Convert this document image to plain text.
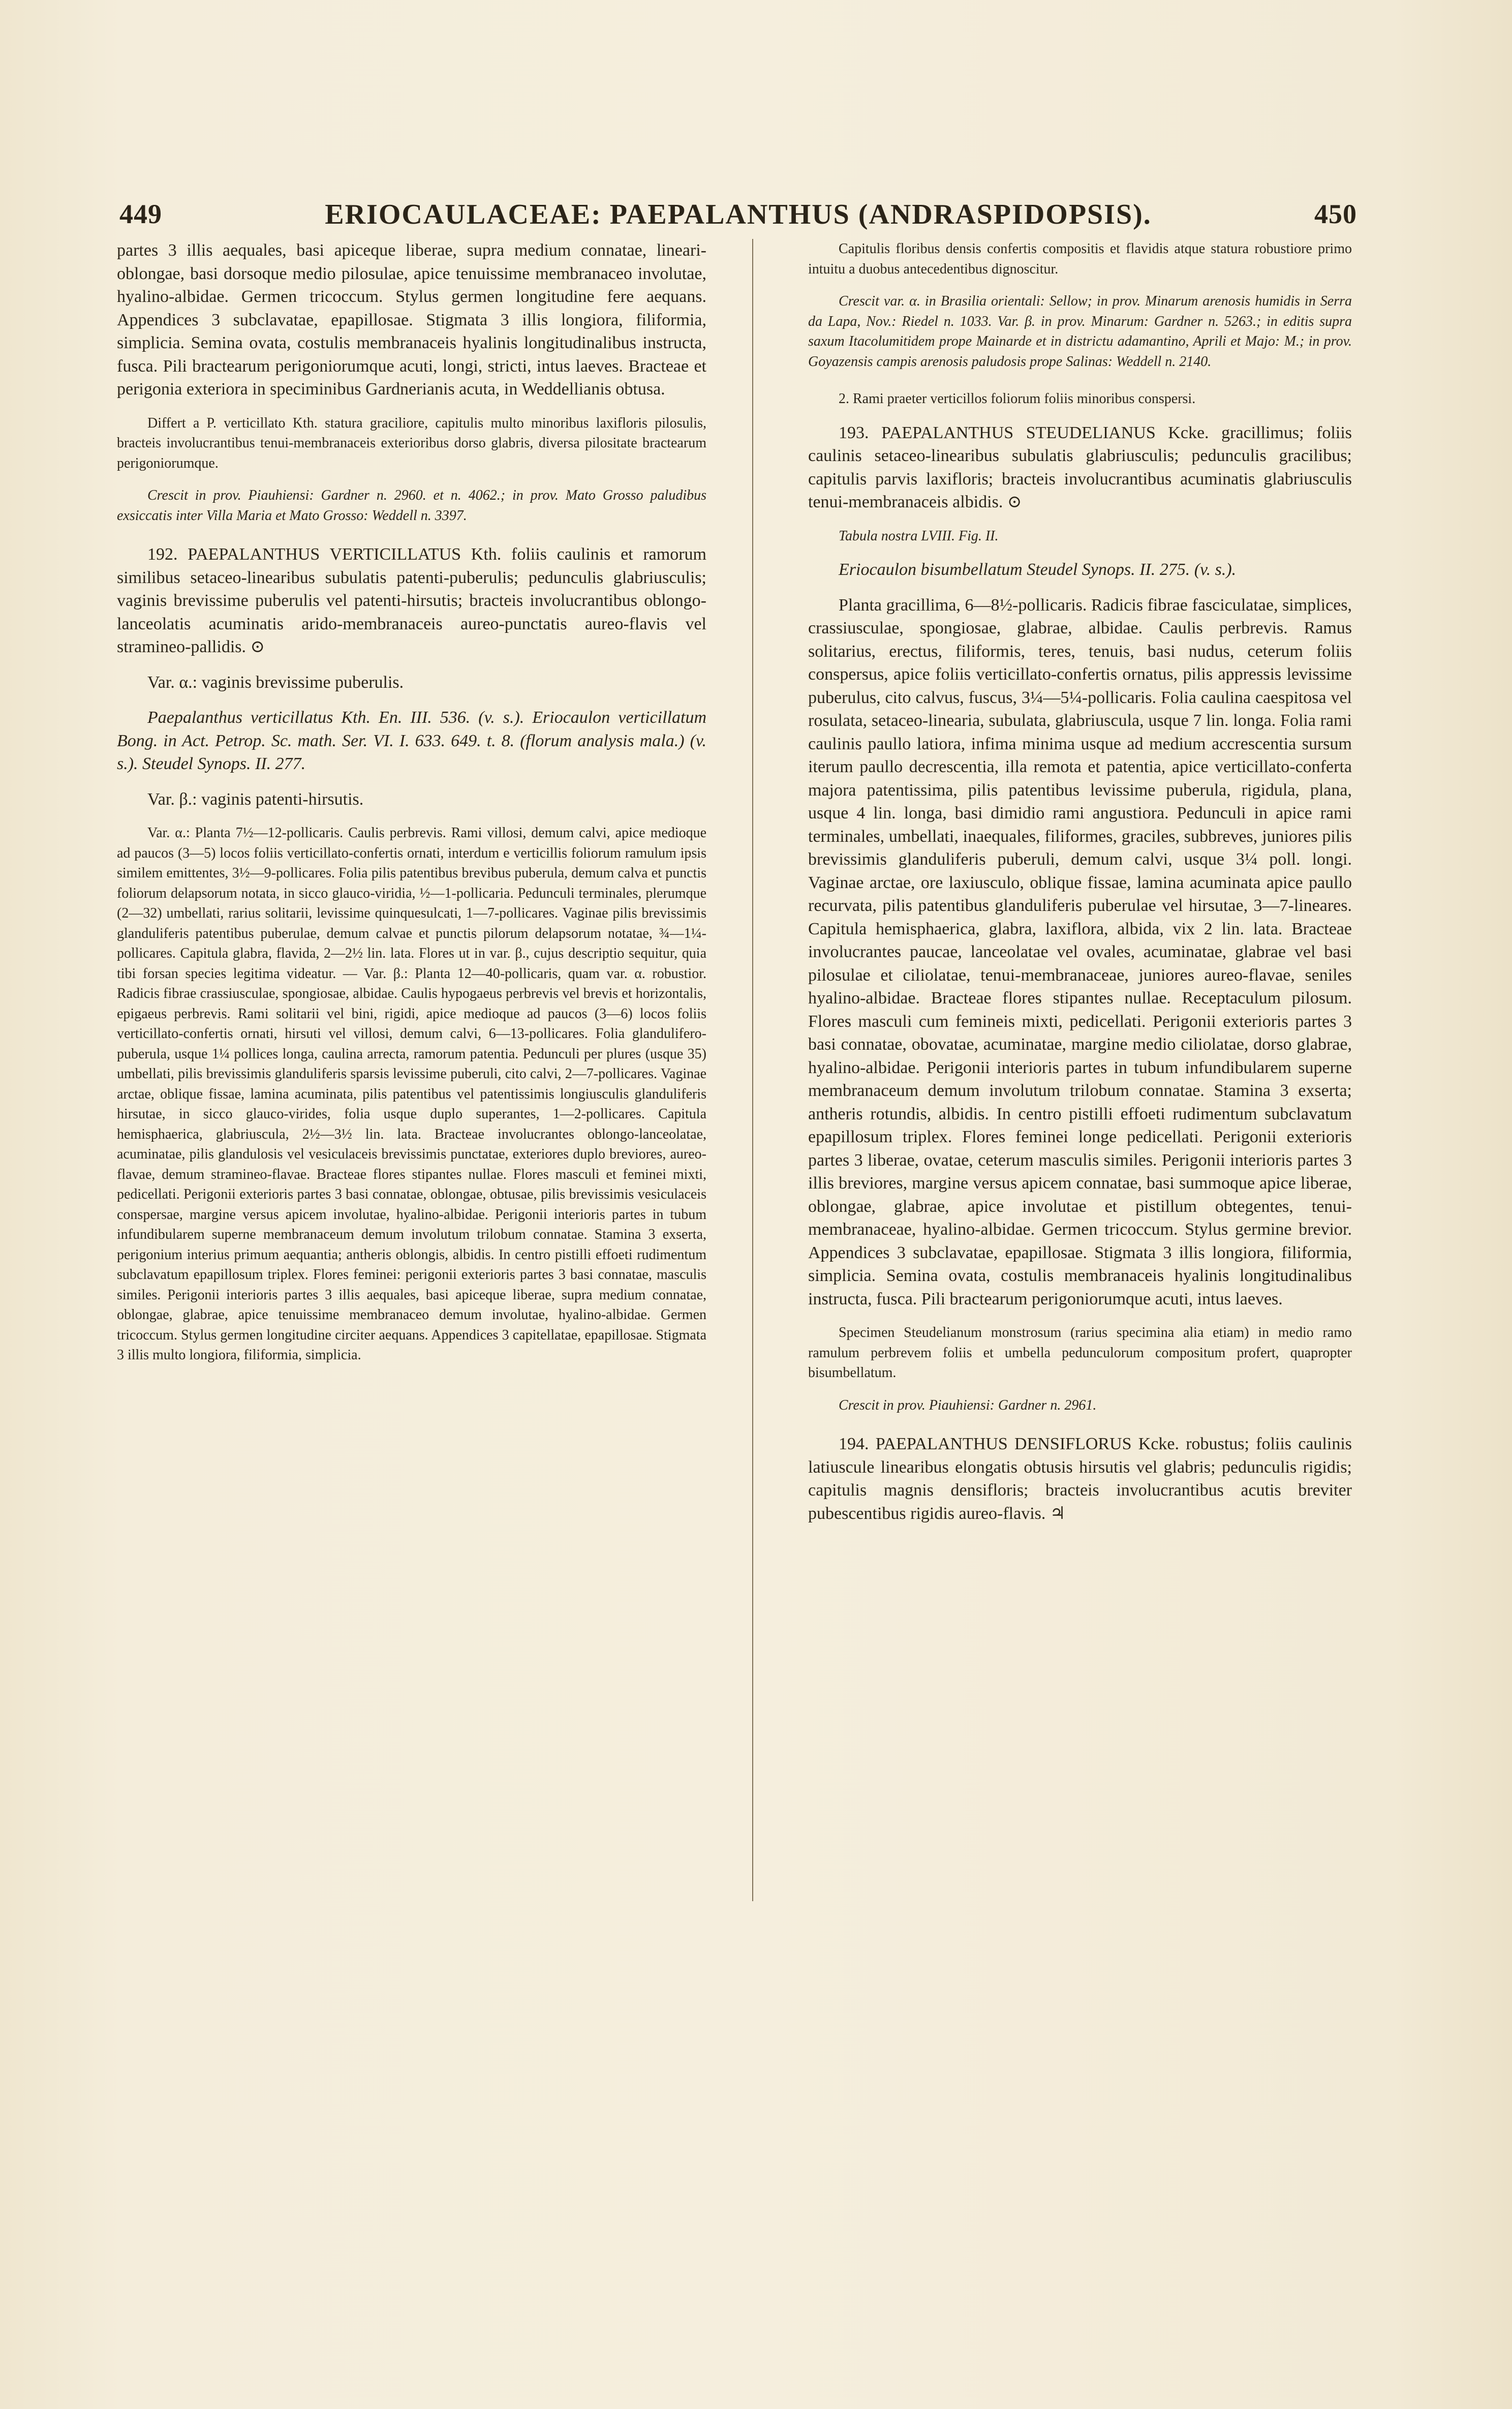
449	ERIOCAULACEAE: PAEPALANTHUS (ANDRASPIDOPSIS).	450

partes 3 illis aequales, basi apiceque liberae, supra medium connatae, lineari-oblongae, basi dorsoque medio pilosulae, apice tenuissime membranaceo involutae, hyalino-albidae. Germen tricoccum. Stylus germen longitudine fere aequans. Appendices 3 subclavatae, epapillosae. Stigmata 3 illis longiora, filiformia, simplicia. Semina ovata, costulis membranaceis hyalinis longitudinalibus instructa, fusca. Pili bractearum perigoniorumque acuti, longi, stricti, intus laeves. Bracteae et perigonia exteriora in speciminibus Gardnerianis acuta, in Weddellianis obtusa.

Differt a P. verticillato Kth. statura graciliore, capitulis multo minoribus laxifloris pilosulis, bracteis involucrantibus tenui-membranaceis exterioribus dorso glabris, diversa pilositate bractearum perigoniorumque.

Crescit in prov. Piauhiensi: Gardner n. 2960. et n. 4062.; in prov. Mato Grosso paludibus exsiccatis inter Villa Maria et Mato Grosso: Weddell n. 3397.

192. PAEPALANTHUS VERTICILLATUS Kth. foliis caulinis et ramorum similibus setaceo-linearibus subulatis patenti-puberulis; pedunculis glabriusculis; vaginis brevissime puberulis vel patenti-hirsutis; bracteis involucrantibus oblongo-lanceolatis acuminatis arido-membranaceis aureo-punctatis aureo-flavis vel stramineo-pallidis. ⊙

Var. α.: vaginis brevissime puberulis.

Paepalanthus verticillatus Kth. En. III. 536. (v. s.). Eriocaulon verticillatum Bong. in Act. Petrop. Sc. math. Ser. VI. I. 633. 649. t. 8. (florum analysis mala.) (v. s.). Steudel Synops. II. 277.

Var. β.: vaginis patenti-hirsutis.

Var. α.: Planta 7½—12-pollicaris. Caulis perbrevis. Rami villosi, demum calvi, apice medioque ad paucos (3—5) locos foliis verticillato-confertis ornati, interdum e verticillis foliorum ramulum ipsis similem emittentes, 3½—9-pollicares. Folia pilis patentibus brevibus puberula, demum calva et punctis foliorum delapsorum notata, in sicco glauco-viridia, ½—1-pollicaria. Pedunculi terminales, plerumque (2—32) umbellati, rarius solitarii, levissime quinquesulcati, 1—7-pollicares. Vaginae pilis brevissimis glanduliferis patentibus puberulae, demum calvae et punctis pilorum delapsorum notatae, ¾—1¼-pollicares. Capitula glabra, flavida, 2—2½ lin. lata. Flores ut in var. β., cujus descriptio sequitur, quia tibi forsan species legitima videatur. — Var. β.: Planta 12—40-pollicaris, quam var. α. robustior. Radicis fibrae crassiusculae, spongiosae, albidae. Caulis hypogaeus perbrevis vel brevis et horizontalis, epigaeus perbrevis. Rami solitarii vel bini, rigidi, apice medioque ad paucos (3—6) locos foliis verticillato-confertis ornati, hirsuti vel villosi, demum calvi, 6—13-pollicares. Folia glandulifero-puberula, usque 1¼ pollices longa, caulina arrecta, ramorum patentia. Pedunculi per plures (usque 35) umbellati, pilis brevissimis glanduliferis sparsis levissime puberuli, cito calvi, 2—7-pollicares. Vaginae arctae, oblique fissae, lamina acuminata, pilis patentibus vel patentissimis longiusculis glanduliferis hirsutae, in sicco glauco-virides, folia usque duplo superantes, 1—2-pollicares. Capitula hemisphaerica, glabriuscula, 2½—3½ lin. lata. Bracteae involucrantes oblongo-lanceolatae, acuminatae, pilis glandulosis vel vesiculaceis brevissimis punctatae, exteriores duplo breviores, aureo-flavae, demum stramineo-flavae. Bracteae flores stipantes nullae. Flores masculi et feminei mixti, pedicellati. Perigonii exterioris partes 3 basi connatae, oblongae, obtusae, pilis brevissimis vesiculaceis conspersae, margine versus apicem involutae, hyalino-albidae. Perigonii interioris partes in tubum infundibularem superne membranaceum demum involutum trilobum connatae. Stamina 3 exserta, perigonium interius primum aequantia; antheris oblongis, albidis. In centro pistilli effoeti rudimentum subclavatum epapillosum triplex. Flores feminei: perigonii exterioris partes 3 basi connatae, masculis similes. Perigonii interioris partes 3 illis aequales, basi apiceque liberae, supra medium connatae, oblongae, glabrae, apice tenuissime membranaceo demum involutae, hyalino-albidae. Germen tricoccum. Stylus germen longitudine circiter aequans. Appendices 3 capitellatae, epapillosae. Stigmata 3 illis multo longiora, filiformia, simplicia.

Capitulis floribus densis confertis compositis et flavidis atque statura robustiore primo intuitu a duobus antecedentibus dignoscitur.

Crescit var. α. in Brasilia orientali: Sellow; in prov. Minarum arenosis humidis in Serra da Lapa, Nov.: Riedel n. 1033. Var. β. in prov. Minarum: Gardner n. 5263.; in editis supra saxum Itacolumitidem prope Mainarde et in districtu adamantino, Aprili et Majo: M.; in prov. Goyazensis campis arenosis paludosis prope Salinas: Weddell n. 2140.

2. Rami praeter verticillos foliorum foliis minoribus conspersi.

193. PAEPALANTHUS STEUDELIANUS Kcke. gracillimus; foliis caulinis setaceo-linearibus subulatis glabriusculis; pedunculis gracilibus; capitulis parvis laxifloris; bracteis involucrantibus acuminatis glabriusculis tenui-membranaceis albidis. ⊙

Tabula nostra LVIII. Fig. II.

Eriocaulon bisumbellatum Steudel Synops. II. 275. (v. s.).

Planta gracillima, 6—8½-pollicaris. Radicis fibrae fasciculatae, simplices, crassiusculae, spongiosae, glabrae, albidae. Caulis perbrevis. Ramus solitarius, erectus, filiformis, teres, tenuis, basi nudus, ceterum foliis conspersus, apice foliis verticillato-confertis ornatus, pilis appressis levissime puberulus, cito calvus, fuscus, 3¼—5¼-pollicaris. Folia caulina caespitosa vel rosulata, setaceo-linearia, subulata, glabriuscula, usque 7 lin. longa. Folia rami caulinis paullo latiora, infima minima usque ad medium accrescentia sursum iterum paullo decrescentia, illa remota et patentia, apice verticillato-conferta majora patentissima, pilis patentibus levissime puberula, rigidula, plana, usque 4 lin. longa, basi dimidio rami angustiora. Pedunculi in apice rami terminales, umbellati, inaequales, filiformes, graciles, subbreves, juniores pilis brevissimis glanduliferis puberuli, demum calvi, usque 3¼ poll. longi. Vaginae arctae, ore laxiusculo, oblique fissae, lamina acuminata apice paullo recurvata, pilis patentibus glanduliferis puberulae vel hirsutae, 3—7-lineares. Capitula hemisphaerica, glabra, laxiflora, albida, vix 2 lin. lata. Bracteae involucrantes paucae, lanceolatae vel ovales, acuminatae, glabrae vel basi pilosulae et ciliolatae, tenui-membranaceae, juniores aureo-flavae, seniles hyalino-albidae. Bracteae flores stipantes nullae. Receptaculum pilosum. Flores masculi cum femineis mixti, pedicellati. Perigonii exterioris partes 3 basi connatae, obovatae, acuminatae, margine medio ciliolatae, dorso glabrae, hyalino-albidae. Perigonii interioris partes in tubum infundibularem superne membranaceum demum involutum trilobum connatae. Stamina 3 exserta; antheris rotundis, albidis. In centro pistilli effoeti rudimentum subclavatum epapillosum triplex. Flores feminei longe pedicellati. Perigonii exterioris partes 3 liberae, ovatae, ceterum masculis similes. Perigonii interioris partes 3 illis breviores, margine versus apicem connatae, basi summoque apice liberae, oblongae, glabrae, apice involutae et pistillum obtegentes, tenui-membranaceae, hyalino-albidae. Germen tricoccum. Stylus germine brevior. Appendices 3 subclavatae, epapillosae. Stigmata 3 illis longiora, filiformia, simplicia. Semina ovata, costulis membranaceis hyalinis longitudinalibus instructa, fusca. Pili bractearum perigoniorumque acuti, intus laeves.

Specimen Steudelianum monstrosum (rarius specimina alia etiam) in medio ramo ramulum perbrevem foliis et umbella pedunculorum compositum profert, quapropter bisumbellatum.

Crescit in prov. Piauhiensi: Gardner n. 2961.

194. PAEPALANTHUS DENSIFLORUS Kcke. robustus; foliis caulinis latiuscule linearibus elongatis obtusis hirsutis vel glabris; pedunculis rigidis; capitulis magnis densifloris; bracteis involucrantibus acutis breviter pubescentibus rigidis aureo-flavis. ♃
